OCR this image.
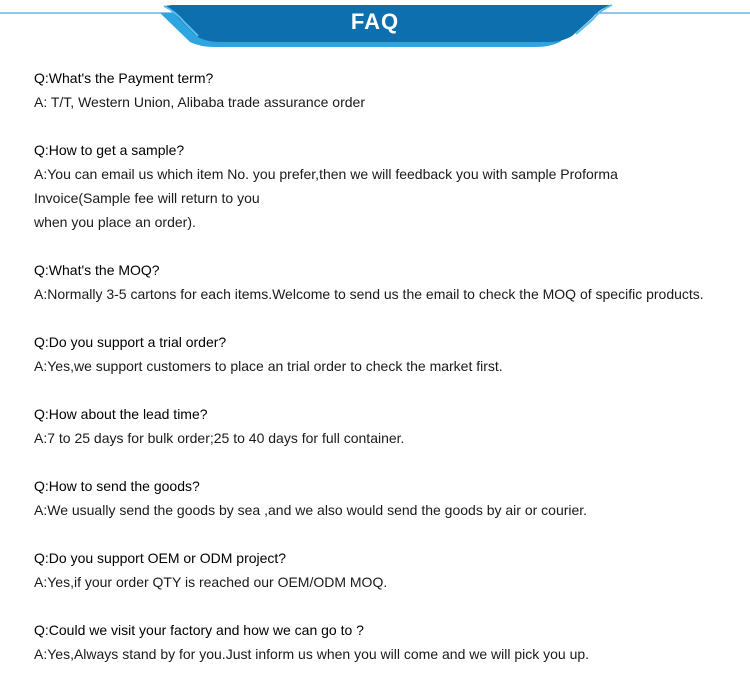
FAQ
Q:What's the Payment term?
A: T/T, Western Union, Alibaba trade assurance order
Q:How to get a sample?
A:You can email us which item No. you prefer,then we will feedback you with sample Proforma
Invoice(Sample fee will return to you
when you place an order).
Q:What's the MOQ?
A:Normally 3-5 cartons for each items.Welcome to send us the email to check the MOQ of specific products.
Q:Do you support a trial order?
A:Yes,we support customers to place an trial order to check the market first.
Q:How about the lead time?
A:7 to 25 days for bulk order;25 to 40 days for full container.
Q:How to send the goods?
A:We usually send the goods by sea ,and we also would send the goods by air or courier.
Q:Do you support OEM or ODM project?
A:Yes,if your order QTY is reached our OEM/ODM MOQ.
Q:Could we visit your factory and how we can go to ?
A:Yes,Always stand by for you.Just inform us when you will come and we will pick you up.
